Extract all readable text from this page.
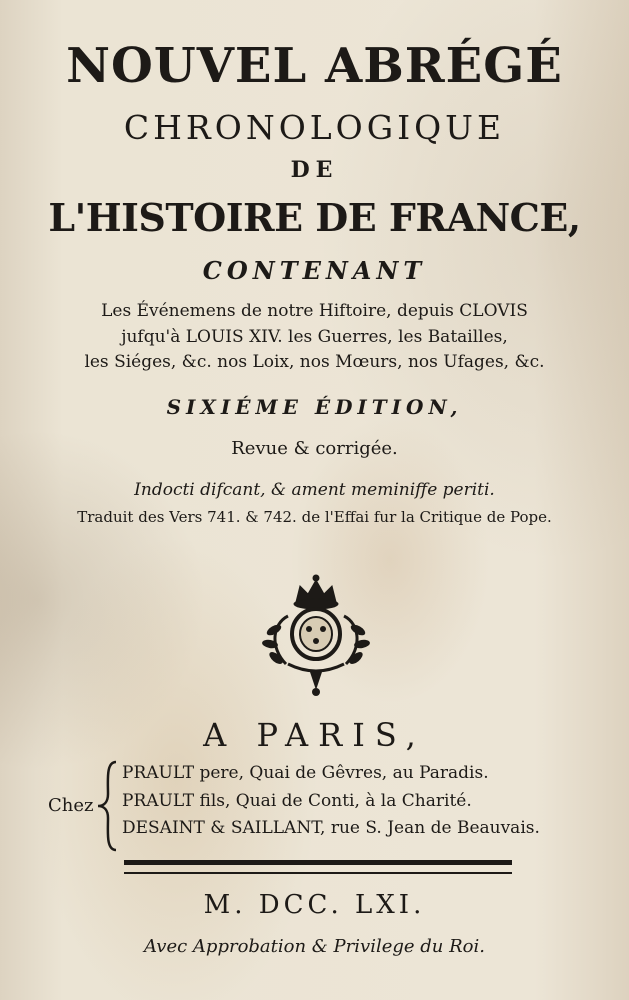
NOUVEL ABRÉGÉ
CHRONOLOGIQUE
DE
L'HISTOIRE DE FRANCE,
CONTENANT
Les Événemens de notre Hiftoire, depuis CLOVIS
jufqu'à LOUIS XIV. les Guerres, les Batailles,
les Siéges, &c. nos Loix, nos Mœurs, nos Ufages, &c.
SIXIÉME ÉDITION,
Revue & corrigée.
Indocti difcant, & ament meminiffe periti.
Traduit des Vers 741. & 742. de l'Effai fur la Critique de Pope.
A PARIS,
Chez
PRAULT pere, Quai de Gêvres, au Paradis.
PRAULT fils, Quai de Conti, à la Charité.
DESAINT & SAILLANT, rue S. Jean de Beauvais.
M. DCC. LXI.
Avec Approbation & Privilege du Roi.
